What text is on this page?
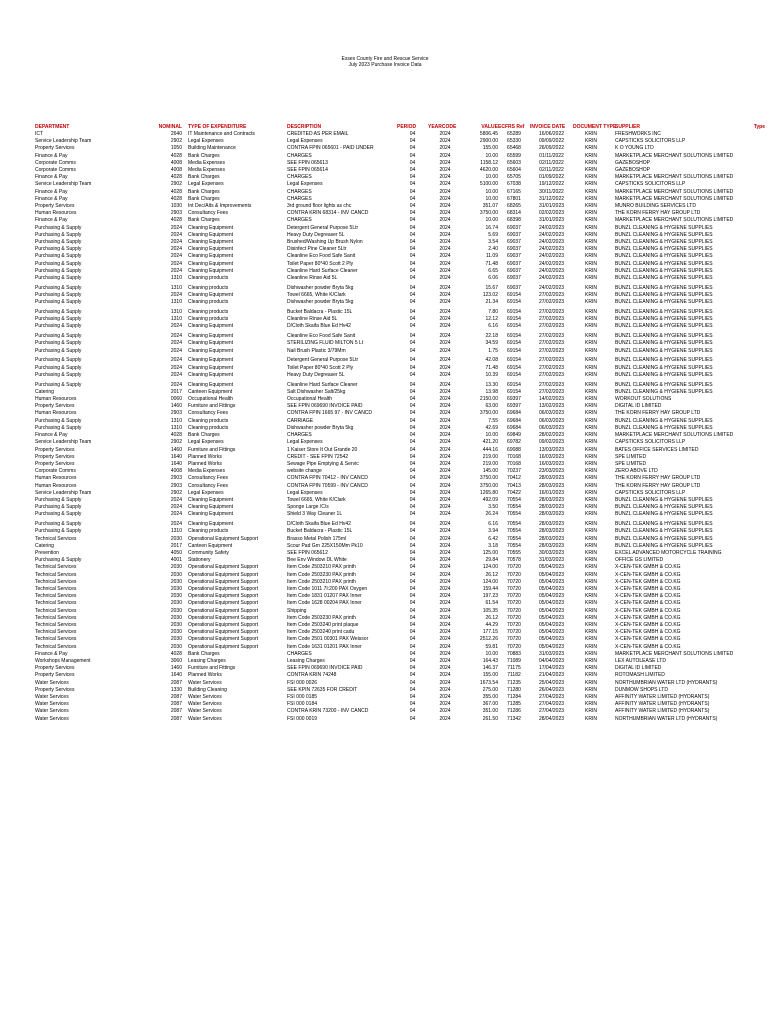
Essex County Fire and Rescue Service
July 2023 Purchase Invoice Data
DEPARTMENT	NOMINAL	TYPE OF EXPENDITURE	DESCRIPTION	PERIOD	YEARCODE	VALUE	ECFRS Ref	INVOICE DATE	DOCUMENT TYPE	SUPPLIER	Type
ICT	2640	IT Maintenance and Contracts	CREDITED AS PER EMAIL	04	2024	5806.45	65289	16/06/2022	KRIN	FRESHWORKS INC	
Service Leadership Team	2902	Legal Expenses	Legal Expenses	04	2024	2900.00	65330	09/09/2022	KRIN	CAPSTICKS SOLICITORS LLP	
Property Services	1050	Building Maintenance	CONTRA FPIN 065601 - PAID UNDER	04	2024	155.00	65468	26/09/2022	KRIN	K O YOUNG LTD	
Finance & Pay	4028	Bank Charges	CHARGES	04	2024	10.00	65599	01/11/2022	KRIN	MARKETPLACE MERCHANT SOLUTIONS LIMITED	
Corporate Comms	4008	Media Expenses	SEE FPIN 065613	04	2024	1158.12	65603	02/11/2022	KRIN	GAZEBOSHOP	
Corporate Comms	4008	Media Expenses	SEE FPIN 065614	04	2024	4620.00	65604	02/11/2022	KRIN	GAZEBOSHOP	
Finance & Pay	4028	Bank Charges	CHARGES	04	2024	10.00	65705	01/09/2022	KRIN	MARKETPLACE MERCHANT SOLUTIONS LIMITED	
Service Leadership Team	2902	Legal Expenses	Legal Expenses	04	2024	5100.00	67038	19/12/2022	KRIN	CAPSTICKS SOLICITORS LLP	
Finance & Pay	4028	Bank Charges	CHARGES	04	2024	10.00	67165	30/11/2022	KRIN	MARKETPLACE MERCHANT SOLUTIONS LIMITED	
Finance & Pay	4028	Bank Charges	CHARGES	04	2024	10.00	67801	31/12/2022	KRIN	MARKETPLACE MERCHANT SOLUTIONS LIMITED	
Property Services	1030	Int Dec/Alts & Improvements	3rd ground floor lights as chc	04	2024	351.07	68265	31/01/2023	KRIN	MUNRO BUILDING SERVICES LTD	
Human Resources	2903	Consultancy Fees	CONTRA KRIN 68314 - INV CANCD	04	2024	3750.00	68314	02/02/2023	KRIN	THE KORN FERRY HAY GROUP LTD	
Finance & Pay	4028	Bank Charges	CHARGES	04	2024	10.00	68398	31/01/2023	KRIN	MARKETPLACE MERCHANT SOLUTIONS LIMITED	
Purchasing & Supply	2024	Cleaning Equipment	Detergent General Purpose 5Ltr	04	2024	16.74	69037	24/02/2023	KRIN	BUNZL CLEANING & HYGIENE SUPPLIES	
Purchasing & Supply	2024	Cleaning Equipment	Heavy Duty Degreaser 5L	04	2024	5.69	69037	24/02/2023	KRIN	BUNZL CLEANING & HYGIENE SUPPLIES	
Purchasing & Supply	2024	Cleaning Equipment	Brushed/Washing Up Brush Nylon	04	2024	3.54	69037	24/02/2023	KRIN	BUNZL CLEANING & HYGIENE SUPPLIES	
Purchasing & Supply	2024	Cleaning Equipment	Disinfect Pine Cleaner 5Ltr	04	2024	2.40	69037	24/02/2023	KRIN	BUNZL CLEANING & HYGIENE SUPPLIES	
Purchasing & Supply	2024	Cleaning Equipment	Cleanline Eco Food Safe Sanit	04	2024	11.09	69037	24/02/2023	KRIN	BUNZL CLEANING & HYGIENE SUPPLIES	
Purchasing & Supply	2024	Cleaning Equipment	Toilet Paper 80*40 Scott 2 Ply	04	2024	71.48	69037	24/02/2023	KRIN	BUNZL CLEANING & HYGIENE SUPPLIES	
Purchasing & Supply	2024	Cleaning Equipment	Cleanline Hard Surface Cleaner	04	2024	6.65	69037	24/02/2023	KRIN	BUNZL CLEANING & HYGIENE SUPPLIES	
Purchasing & Supply	1310	Cleaning products	Cleanline Rinse Aid 5L	04	2024	6.06	69037	24/02/2023	KRIN	BUNZL CLEANING & HYGIENE SUPPLIES	

Purchasing & Supply	1310	Cleaning products	Dishwasher powder Bryta 5kg	04	2024	15.67	69037	24/02/2023	KRIN	BUNZL CLEANING & HYGIENE SUPPLIES	
Purchasing & Supply	2024	Cleaning Equipment	Towel 6665, White K/Clark	04	2024	123.02	69154	27/02/2023	KRIN	BUNZL CLEANING & HYGIENE SUPPLIES	
Purchasing & Supply	1310	Cleaning products	Dishwasher powder Bryta 5kg	04	2024	21.34	69154	27/02/2023	KRIN	BUNZL CLEANING & HYGIENE SUPPLIES	

Purchasing & Supply	1310	Cleaning products	Bucket Baldacra - Plastic 15L	04	2024	7.80	69154	27/02/2023	KRIN	BUNZL CLEANING & HYGIENE SUPPLIES	
Purchasing & Supply	1310	Cleaning products	Cleanline Rinse Aid 5L	04	2024	12.12	69154	27/02/2023	KRIN	BUNZL CLEANING & HYGIENE SUPPLIES	
Purchasing & Supply	2024	Cleaning Equipment	D/Cloth Skaifa Blue Ed Hv42	04	2024	6.16	69154	27/02/2023	KRIN	BUNZL CLEANING & HYGIENE SUPPLIES	

Purchasing & Supply	2024	Cleaning Equipment	Cleanline Eco Food Safe Sanit	04	2024	22.18	69154	27/02/2023	KRIN	BUNZL CLEANING & HYGIENE SUPPLIES	
Purchasing & Supply	2024	Cleaning Equipment	STERILIZING FLUID MILTON 5 Lt	04	2024	34.59	69154	27/02/2023	KRIN	BUNZL CLEANING & HYGIENE SUPPLIES	
Purchasing & Supply	2024	Cleaning Equipment	Nail Brush Plastic 3/79Mm	04	2024	1.75	69154	27/02/2023	KRIN	BUNZL CLEANING & HYGIENE SUPPLIES	

Purchasing & Supply	2024	Cleaning Equipment	Detergent General Purpose 5Ltr	04	2024	42.08	69154	27/02/2023	KRIN	BUNZL CLEANING & HYGIENE SUPPLIES	
Purchasing & Supply	2024	Cleaning Equipment	Toilet Paper 80*40 Scott 2 Ply	04	2024	71.48	69154	27/02/2023	KRIN	BUNZL CLEANING & HYGIENE SUPPLIES	
Purchasing & Supply	2024	Cleaning Equipment	Heavy Duty Degreaser 5L	04	2024	10.39	69154	27/02/2023	KRIN	BUNZL CLEANING & HYGIENE SUPPLIES	

Purchasing & Supply	2024	Cleaning Equipment	Cleanline Hard Surface Cleaner	04	2024	13.30	69154	27/02/2023	KRIN	BUNZL CLEANING & HYGIENE SUPPLIES	
Catering	2017	Canteen Equipment	Salt Dishwasher Salt/25kg	04	2024	13.98	69154	27/02/2023	KRIN	BUNZL CLEANING & HYGIENE SUPPLIES	
Human Resources	0060	Occupational Health	Occupational Health	04	2024	2150.00	69397	14/02/2023	KRIN	WORKOUT SOLUTIONS	
Property Services	1460	Furniture and Fittings	SEE FPIN 069690 INVOICE PAID	04	2024	63.00	69397	13/02/2023	KRIN	DIGITAL ID LIMITED	
Human Resources	2903	Consultancy Fees	CONTRA FPIN 1665 97 - INV CANCD	04	2024	3750.00	69684	06/03/2023	KRIN	THE KORN FERRY HAY GROUP LTD	
Purchasing & Supply	1310	Cleaning products	CARRIAGE	04	2024	7.55	69684	06/03/2023	KRIN	BUNZL CLEANING & HYGIENE SUPPLIES	
Purchasing & Supply	1310	Cleaning products	Dishwasher powder Bryta 5kg	04	2024	42.69	69684	06/03/2023	KRIN	BUNZL CLEANING & HYGIENE SUPPLIES	
Finance & Pay	4028	Bank Charges	CHARGES	04	2024	10.00	69849	28/02/2023	KRIN	MARKETPLACE MERCHANT SOLUTIONS LIMITED	
Service Leadership Team	2902	Legal Expenses	Legal Expenses	04	2024	421.20	69782	09/02/2023	KRIN	CAPSTICKS SOLICITORS LLP	
Property Services	1460	Furniture and Fittings	1 Kaiser Store It Out Grande 20	04	2024	444.16	69088	13/03/2023	KRIN	BATES OFFICE SERVICES LIMITED	
Property Services	1640	Planned Works	CREDIT - SEE FPIN 72542	04	2024	219.00	70168	16/03/2023	KRIN	SPE LIMITED	
Property Services	1640	Planned Works	Sewage Pipe Emptying & Servic	04	2024	219.00	70168	16/03/2023	KRIN	SPE LIMITED	
Corporate Comms	4008	Media Expenses	website change	04	2024	145.00	70237	23/03/2023	KRIN	ZERO ABOVE LTD	
Human Resources	2903	Consultancy Fees	CONTRA FPIN 70412 - INV CANCD	04	2024	3750.00	70412	28/03/2023	KRIN	THE KORN FERRY HAY GROUP LTD	
Human Resources	2903	Consultancy Fees	CONTRA FPIN 70599 - INV CANCD	04	2024	3750.00	70413	28/03/2023	KRIN	THE KORN FERRY HAY GROUP LTD	
Service Leadership Team	2902	Legal Expenses	Legal Expenses	04	2024	1265.80	70422	16/01/2023	KRIN	CAPSTICKS SOLICITORS LLP	
Purchasing & Supply	2024	Cleaning Equipment	Towel 6665, White K/Clark	04	2024	492.09	70554	28/03/2023	KRIN	BUNZL CLEANING & HYGIENE SUPPLIES	
Purchasing & Supply	2024	Cleaning Equipment	Sponge Large /C/s	04	2024	3.50	70554	28/03/2023	KRIN	BUNZL CLEANING & HYGIENE SUPPLIES	
Purchasing & Supply	2024	Cleaning Equipment	Shield 3 Way Cleaner 1L	04	2024	26.24	70554	28/03/2023	KRIN	BUNZL CLEANING & HYGIENE SUPPLIES	

Purchasing & Supply	2024	Cleaning Equipment	D/Cloth Skaifa Blue Ed Hv42	04	2024	6.16	70554	28/03/2023	KRIN	BUNZL CLEANING & HYGIENE SUPPLIES	
Purchasing & Supply	1310	Cleaning products	Bucket Baldacra - Plastic 15L	04	2024	3.94	70554	28/03/2023	KRIN	BUNZL CLEANING & HYGIENE SUPPLIES	
Technical Services	2030	Operational Equipment Support	Brasso Metal Polish 175ml	04	2024	6.42	70554	28/03/2023	KRIN	BUNZL CLEANING & HYGIENE SUPPLIES	
Catering	2017	Canteen Equipment	Scour Pad Grn 225X150Mm Pk10	04	2024	3.18	70554	28/03/2023	KRIN	BUNZL CLEANING & HYGIENE SUPPLIES	
Prevention	4050	Community Safety	SEE FPIN 065612	04	2024	125.00	70555	30/03/2023	KRIN	EXCEL ADVANCED MOTORCYCLE TRAINING	
Purchasing & Supply	4001	Stationery	Bee Env Window DL White	04	2024	29.84	70578	31/03/2023	KRIN	OFFICE GS LIMITED	
Technical Services	2030	Operational Equipment Support	Item Code 2503210 PAX printh	04	2024	124.00	70720	05/04/2023	KRIN	X-CEN-TEK GMBH & CO.KG	
Technical Services	2030	Operational Equipment Support	Item Code 2503230 PAX printh	04	2024	26.12	70720	05/04/2023	KRIN	X-CEN-TEK GMBH & CO.KG	
Technical Services	2030	Operational Equipment Support	Item Code 2503210 PAX printh	04	2024	124.00	70720	05/04/2023	KRIN	X-CEN-TEK GMBH & CO.KG	
Technical Services	2030	Operational Equipment Support	Item Code 1011 7I:200 PAX Oxygen	04	2024	159.44	70720	05/04/2023	KRIN	X-CEN-TEK GMBH & CO.KG	
Technical Services	2030	Operational Equipment Support	Item Code 1831 01207 PAX Inner	04	2024	197.23	70720	05/04/2023	KRIN	X-CEN-TEK GMBH & CO.KG	
Technical Services	2030	Operational Equipment Support	Item Code 1628 00204 PAX Inner	04	2024	61.54	70720	05/04/2023	KRIN	X-CEN-TEK GMBH & CO.KG	
Technical Services	2030	Operational Equipment Support	Shipping	04	2024	105.35	70720	05/04/2023	KRIN	X-CEN-TEK GMBH & CO.KG	
Technical Services	2030	Operational Equipment Support	Item Code 2503230 PAX printh	04	2024	26.12	70720	05/04/2023	KRIN	X-CEN-TEK GMBH & CO.KG	
Technical Services	2030	Operational Equipment Support	Item Code 2503240 print plaque	04	2024	44.29	70720	05/04/2023	KRIN	X-CEN-TEK GMBH & CO.KG	
Technical Services	2030	Operational Equipment Support	Item Code 2503240 print cadu	04	2024	177.15	70720	05/04/2023	KRIN	X-CEN-TEK GMBH & CO.KG	
Technical Services	2030	Operational Equipment Support	Item Code 2501 00301 PAX Weissor	04	2024	2512.26	70720	05/04/2023	KRIN	X-CEN-TEK GMBH & CO.KG	
Technical Services	2030	Operational Equipment Support	Item Code 1631 01201 PAX Inner	04	2024	59.81	70720	05/04/2023	KRIN	X-CEN-TEK GMBH & CO.KG	
Finance & Pay	4028	Bank Charges	CHARGES	04	2024	10.00	70883	31/03/2023	KRIN	MARKETPLACE MERCHANT SOLUTIONS LIMITED	
Workshops Management	3060	Leasing Charges	Leasing Charges	04	2024	164.43	71089	04/04/2023	KRIN	LEX AUTOLEASE LTD	
Property Services	1460	Furniture and Fittings	SEE FPIN 069690 INVOICE PAID	04	2024	146.37	71175	17/04/2023	KRIN	DIGITAL ID LIMITED	
Property Services	1640	Planned Works	CONTRA KRIN 74248	04	2024	155.00	71182	21/04/2023	KRIN	ROTOMASH LIMITED	
Water Services	2087	Water Services	FSI 000 0026	04	2024	1673.54	71235	25/04/2023	KRIN	NORTHUMBRIAN WATER LTD (HYDRANTS)	
Property Services	1330	Building Cleaning	SEE KPIN 72635 FOR CREDIT	04	2024	275.00	71280	26/04/2023	KRIN	DUNMOW SHOPS LTD	
Water Services	2087	Water Services	FSI 000 0185	04	2024	355.00	71284	27/04/2023	KRIN	AFFINITY WATER LIMITED (HYDRANTS)	
Water Services	2087	Water Services	FSI 000 0184	04	2024	367.00	71285	27/04/2023	KRIN	AFFINITY WATER LIMITED (HYDRANTS)	
Water Services	2087	Water Services	CONTRA KRIN 73200 - INV CANCD	04	2024	351.00	71286	27/04/2023	KRIN	AFFINITY WATER LIMITED (HYDRANTS)	
Water Services	2087	Water Services	FSI 000 0019	04	2024	261.50	71342	28/04/2023	KRIN	NORTHUMBRIAN WATER LTD (HYDRANTS)	
